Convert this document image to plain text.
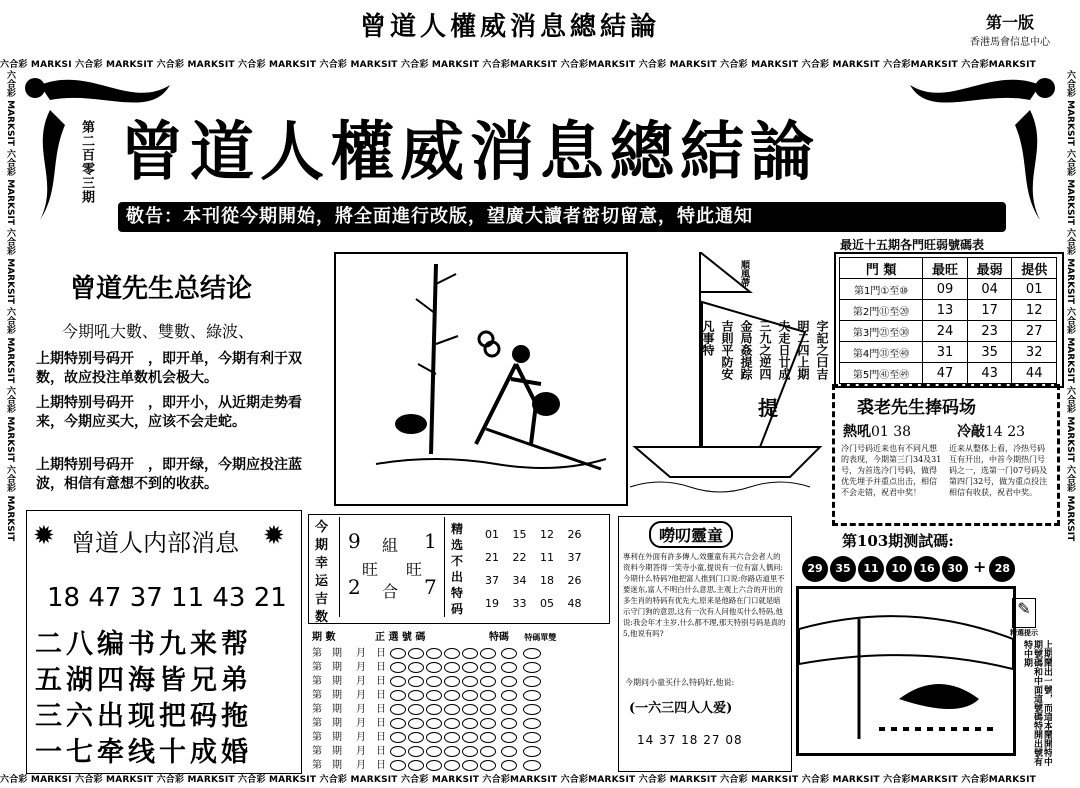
曾道人權威消息總結論	第一版
香港馬會信息中心
六合彩 MARKSI 六合彩 MARKSIT 六合彩 MARKSIT 六合彩 MARKSIT 六合彩 MARKSIT 六合彩 MARKSIT 六合彩MARKSIT 六合彩MARKSIT 六合彩 MARKSIT 六合彩 MARKSIT 六合彩 MARKSIT 六合彩MARKSIT 六合彩MARKSIT
六合彩 MARKSI 六合彩 MARKSIT 六合彩 MARKSIT 六合彩 MARKSIT 六合彩 MARKSIT 六合彩 MARKSIT 六合彩MARKSIT 六合彩MARKSIT 六合彩 MARKSIT 六合彩 MARKSIT 六合彩 MARKSIT 六合彩MARKSIT 六合彩MARKSIT
六合彩 MARKSIT 六合彩 MARKSIT 六合彩 MARKSIT 六合彩 MARKSIT 六合彩 MARKSIT 六合彩 MARKSIT	六合彩 MARKSIT 六合彩 MARKSIT 六合彩 MARKSIT 六合彩 MARKSIT 六合彩 MARKSIT 六合彩 MARKSIT
第二百零三期 曾道人權威消息總結論
敬告：本刊從今期開始，將全面進行改版，望廣大讀者密切留意，特此通知
曾道先生总结论
今期吼大數、雙數、綠波、
上期特别号码开　，即开单，今期有利于双数，故应投注单数机会极大。
上期特别号码开　，即开小，从近期走势看来，今期应买大，应该不会走蛇。
上期特别号码开　，即开绿，今期应投注蓝波，相信有意想不到的收获。
順風帶
字記之曰吉
明二四上期
夫走日廿成
三九之逆四
金局姦提踪
吉則平防安
凡事特
提
最近十五期各門旺弱號碼表
門 類	最旺	最弱	提供
第1門①至⑩	09	04	01
第2門⑪至⑳	13	17	12
第3門㉑至㉚	24	23	27
第4門㉛至㊵	31	35	32
第5門㊶至㊾	47	43	44
裘老先生捧码场
熱吼01 38	冷敲14 23
冷门号码近来也有不同凡想的表现，今期第三门34及31号，为首选冷门号码，做得优先埋予并重点出击，相信不会走错，祝君中奖！
近来从整体上看，冷热号码互有开出，中首今期热门号码之一，选第一门07号码及第四门32号，做为重点投注相信有收获，祝君中奖。
✹ 曾道人内部消息 ✹
18 47 37 11 43 21
二八编书九来帮
五湖四海皆兄弟
三六出现把码拖
一七牵线十成婚
今期幸运吉数
9 組 1
旺 旺
2 合 7
精选不出特码
01 15 12 26
21 22 11 37
37 34 18 26
19 33 05 48
期 數	正 選 號 碼	特碼 特碼單雙
第　期 月　日
第　期 月　日
第　期 月　日
第　期 月　日
第　期 月　日
第　期 月　日
第　期 月　日
第　期 月　日
第　期 月　日
嘮叨靈童
專利在外面有許多傳人,效靈童有其六合会者人的资料今期答得一笑寺小童,提说有一位有富人偶问:今期什么特码?他把富人推到门口说:你路店道里不要迷东,富人不明白什么意思,主观上六合的开出的多生肖的特码有优先大,原来是他路在门口就是暗示守门狗的意思,这有一次有人问他买什么特码,他说:我会年才主岁,什么都不理,那天特别号码是真的5,他说有吗?
今期问小童买什么特码好,他说:
(一六三四人人爱)
14 37 18 27 08
第103期测試碼:
29 35 11 10 16 30 + 28
✎
精選提示
上期鬧出一號，而這本鬧開特中期號碼和中面這號碼特開出號有特中期
